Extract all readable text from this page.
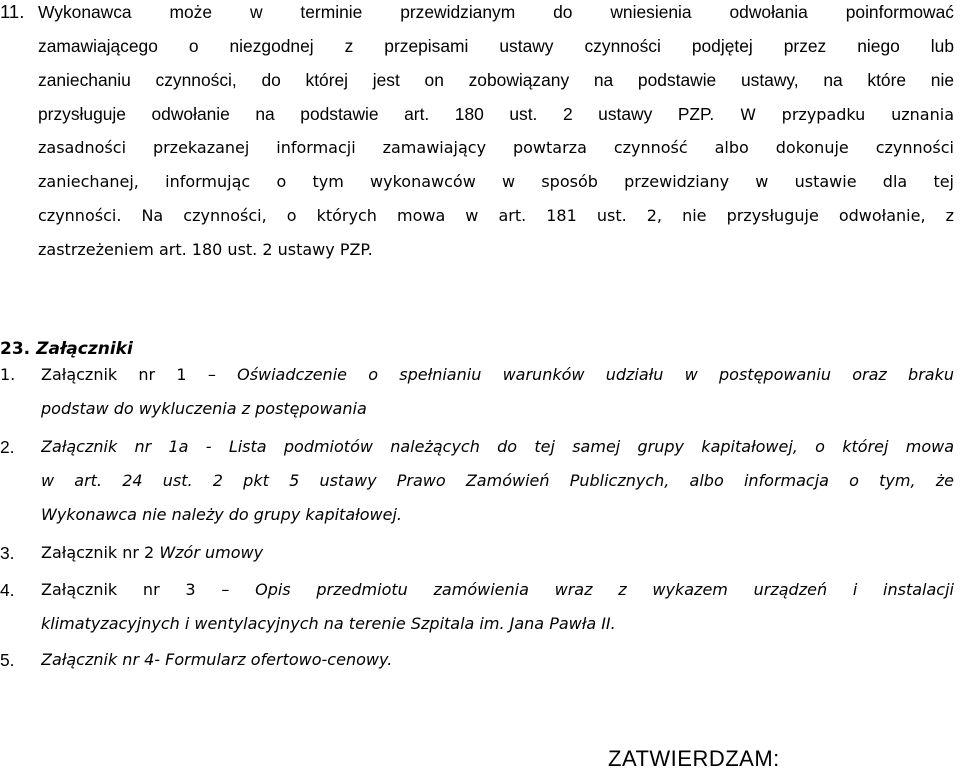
11. Wykonawca może w terminie przewidzianym do wniesienia odwołania poinformować
zamawiającego o niezgodnej z przepisami ustawy czynności podjętej przez niego lub
zaniechaniu czynności, do której jest on zobowiązany na podstawie ustawy, na które nie
przysługuje odwołanie na podstawie art. 180 ust. 2 ustawy PZP. W przypadku uznania
zasadności przekazanej informacji zamawiający powtarza czynność albo dokonuje czynności
zaniechanej, informując o tym wykonawców w sposób przewidziany w ustawie dla tej
czynności. Na czynności, o których mowa w art. 181 ust. 2, nie przysługuje odwołanie, z
zastrzeżeniem art. 180 ust. 2 ustawy PZP.
23. Załączniki
1.	Załącznik nr 1 – Oświadczenie o spełnianiu warunków udziału w postępowaniu oraz braku
podstaw do wykluczenia z postępowania
2.	Załącznik nr 1a - Lista podmiotów należących do tej samej grupy kapitałowej, o której mowa
w art. 24 ust. 2 pkt 5 ustawy Prawo Zamówień Publicznych, albo informacja o tym, że
Wykonawca nie należy do grupy kapitałowej.
3.	Załącznik nr 2 Wzór umowy
4.	Załącznik nr 3 – Opis przedmiotu zamówienia wraz z wykazem urządzeń i instalacji
klimatyzacyjnych i wentylacyjnych na terenie Szpitala im. Jana Pawła II.
5.	Załącznik nr 4- Formularz ofertowo-cenowy.
ZATWIERDZAM:
